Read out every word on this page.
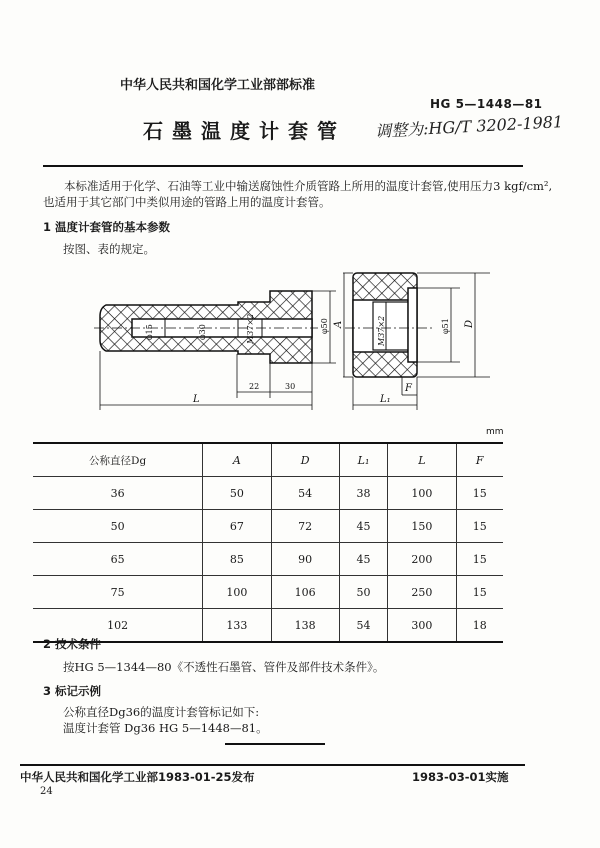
中华人民共和国化学工业部部标准
HG 5—1448—81
石墨温度计套管 调整为:HG/T 3202-1981
本标准适用于化学、石油等工业中输送腐蚀性介质管路上所用的温度计套管,使用压力3 kgf/cm²,
也适用于其它部门中类似用途的管路上用的温度计套管。
1 温度计套管的基本参数
按图、表的规定。
φ15	φ30	M37×2	φ50
22	30
L
A	M37×2	φ51 D
F
L₁
mm
公称直径Dg	A	D	L₁	L	F
36	50	54	38	100	15
50	67	72	45	150	15
65	85	90	45	200	15
75	100	106	50	250	15
102	133	138	54	300	18
2 技术条件
按HG 5—1344—80《不透性石墨管、管件及部件技术条件》。
3 标记示例
公称直径Dg36的温度计套管标记如下:
温度计套管 Dg36 HG 5—1448—81。
中华人民共和国化学工业部1983-01-25发布	1983-03-01实施
24
